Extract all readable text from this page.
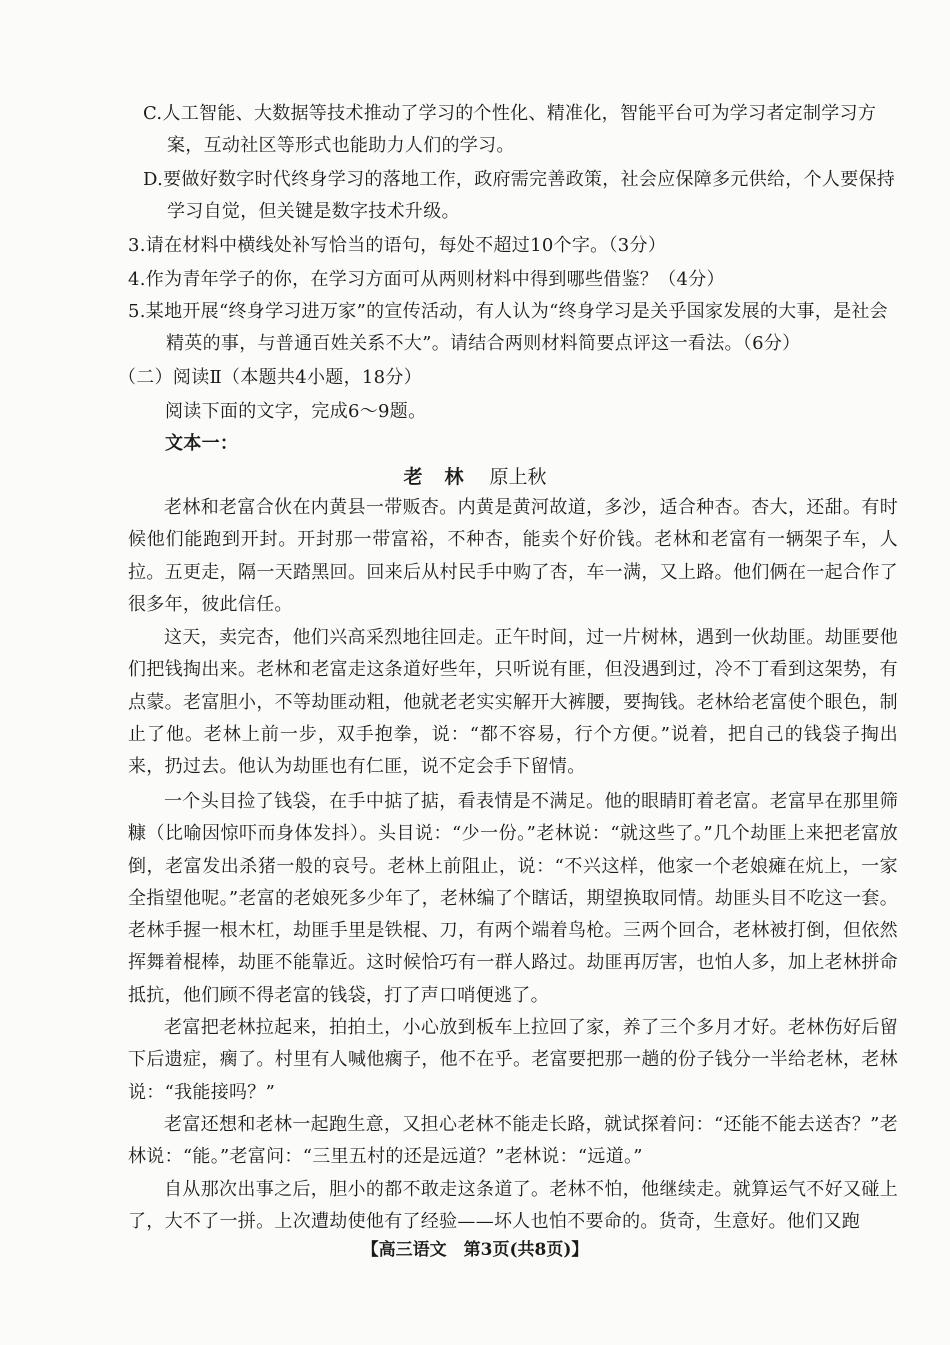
C.人工智能、大数据等技术推动了学习的个性化、精准化，智能平台可为学习者定制学习方案，互动社区等形式也能助力人们的学习。

D.要做好数字时代终身学习的落地工作，政府需完善政策，社会应保障多元供给，个人要保持学习自觉，但关键是数字技术升级。

3.请在材料中横线处补写恰当的语句，每处不超过10个字。（3分）

4.作为青年学子的你，在学习方面可从两则材料中得到哪些借鉴？（4分）

5.某地开展“终身学习进万家”的宣传活动，有人认为“终身学习是关乎国家发展的大事，是社会精英的事，与普通百姓关系不大”。请结合两则材料简要点评这一看法。（6分）

（二）阅读Ⅱ（本题共4小题，18分）

阅读下面的文字，完成6～9题。

文本一：

老林 原上秋

老林和老富合伙在内黄县一带贩杏。内黄是黄河故道，多沙，适合种杏。杏大，还甜。有时候他们能跑到开封。开封那一带富裕，不种杏，能卖个好价钱。老林和老富有一辆架子车，人拉。五更走，隔一天踏黑回。回来后从村民手中购了杏，车一满，又上路。他们俩在一起合作了很多年，彼此信任。

这天，卖完杏，他们兴高采烈地往回走。正午时间，过一片树林，遇到一伙劫匪。劫匪要他们把钱掏出来。老林和老富走这条道好些年，只听说有匪，但没遇到过，冷不丁看到这架势，有点蒙。老富胆小，不等劫匪动粗，他就老老实实解开大裤腰，要掏钱。老林给老富使个眼色，制止了他。老林上前一步，双手抱拳，说：“都不容易，行个方便。”说着，把自己的钱袋子掏出来，扔过去。他认为劫匪也有仁匪，说不定会手下留情。

一个头目捡了钱袋，在手中掂了掂，看表情是不满足。他的眼睛盯着老富。老富早在那里筛糠（比喻因惊吓而身体发抖）。头目说：“少一份。”老林说：“就这些了。”几个劫匪上来把老富放倒，老富发出杀猪一般的哀号。老林上前阻止，说：“不兴这样，他家一个老娘瘫在炕上，一家全指望他呢。”老富的老娘死多少年了，老林编了个瞎话，期望换取同情。劫匪头目不吃这一套。老林手握一根木杠，劫匪手里是铁棍、刀，有两个端着鸟枪。三两个回合，老林被打倒，但依然挥舞着棍棒，劫匪不能靠近。这时候恰巧有一群人路过。劫匪再厉害，也怕人多，加上老林拼命抵抗，他们顾不得老富的钱袋，打了声口哨便逃了。

老富把老林拉起来，拍拍土，小心放到板车上拉回了家，养了三个多月才好。老林伤好后留下后遗症，瘸了。村里有人喊他瘸子，他不在乎。老富要把那一趟的份子钱分一半给老林，老林说：“我能接吗？”

老富还想和老林一起跑生意，又担心老林不能走长路，就试探着问：“还能不能去送杏？”老林说：“能。”老富问：“三里五村的还是远道？”老林说：“远道。”

自从那次出事之后，胆小的都不敢走这条道了。老林不怕，他继续走。就算运气不好又碰上了，大不了一拼。上次遭劫使他有了经验——坏人也怕不要命的。货奇，生意好。他们又跑

【高三语文　第3页(共8页)】
